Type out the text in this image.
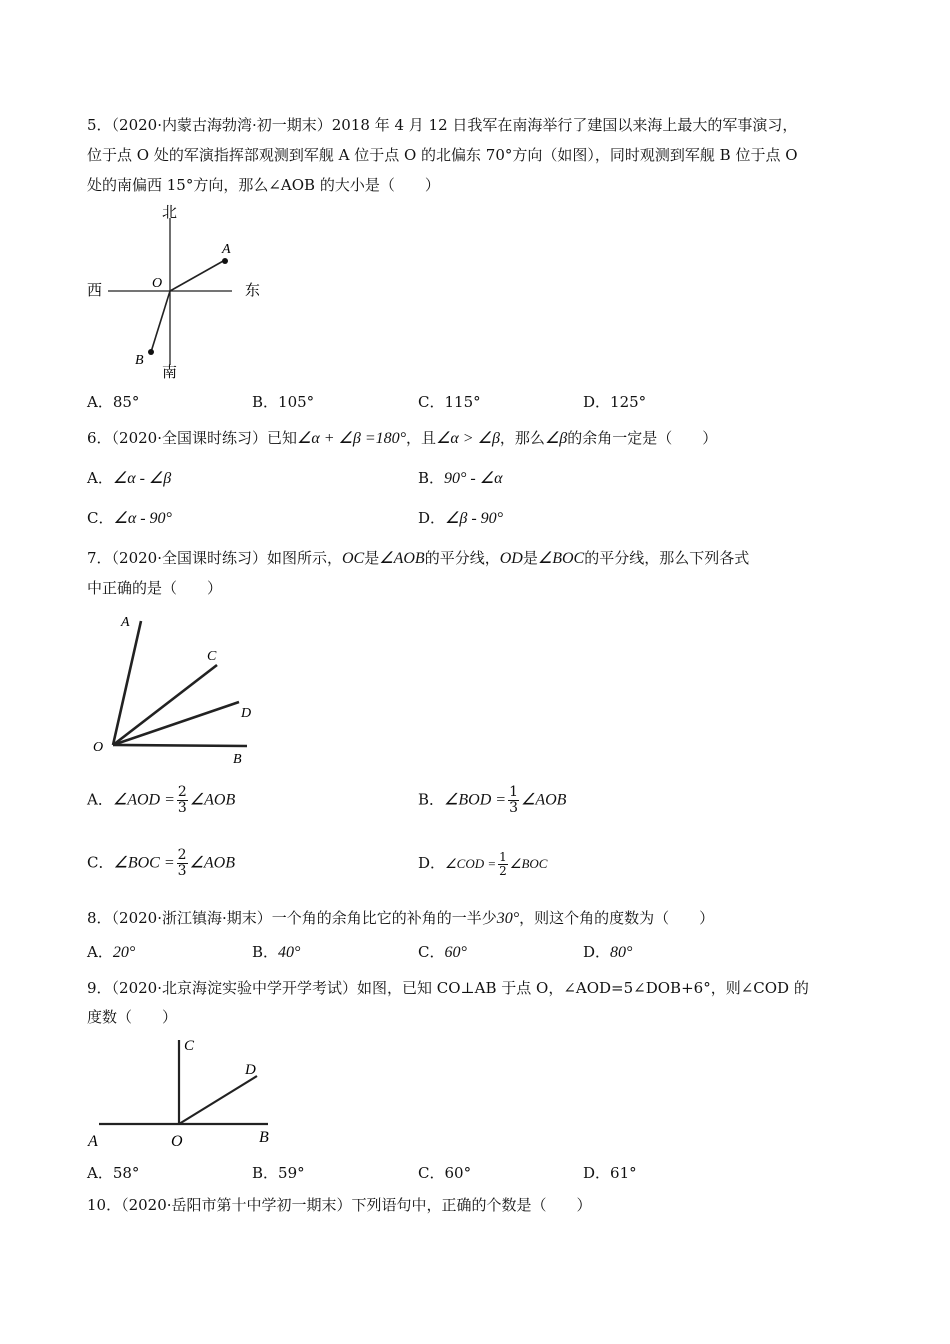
5．（2020·内蒙古海勃湾·初一期末）2018 年 4 月 12 日我军在南海举行了建国以来海上最大的军事演习，
位于点 O 处的军演指挥部观测到军舰 A 位于点 O 的北偏东 70°方向（如图），同时观测到军舰 B 位于点 O
处的南偏西 15°方向，那么∠AOB 的大小是（　　）
北
南
东
西	O
A
B
A．85°	B．105°	C．115°	D．125°
6．（2020·全国课时练习）已知∠α + ∠β =180°，且∠α > ∠β，那么∠β的余角一定是（　　）
A．∠α - ∠β	B．90° - ∠α
C．∠α - 90°	D．∠β - 90°
7．（2020·全国课时练习）如图所示，OC是∠AOB的平分线，OD是∠BOC的平分线，那么下列各式
中正确的是（　　）
A
C
D
O
B
A．∠AOD = $\frac{2}{3}$ ∠AOB	B．∠BOD = $\frac{1}{3}$ ∠AOB
C．∠BOC = $\frac{2}{3}$ ∠AOB	D．∠COD = $\frac{1}{2}$ ∠BOC
8．（2020·浙江镇海·期末）一个角的余角比它的补角的一半少30°，则这个角的度数为（　　）
A．20°	B．40°	C．60°	D．80°
9．（2020·北京海淀实验中学开学考试）如图，已知 CO⊥AB 于点 O，∠AOD=5∠DOB+6°，则∠COD 的
度数（　　）
C
D
A	O	B
A．58°	B．59°	C．60°	D．61°
10．（2020·岳阳市第十中学初一期末）下列语句中，正确的个数是（　　）
